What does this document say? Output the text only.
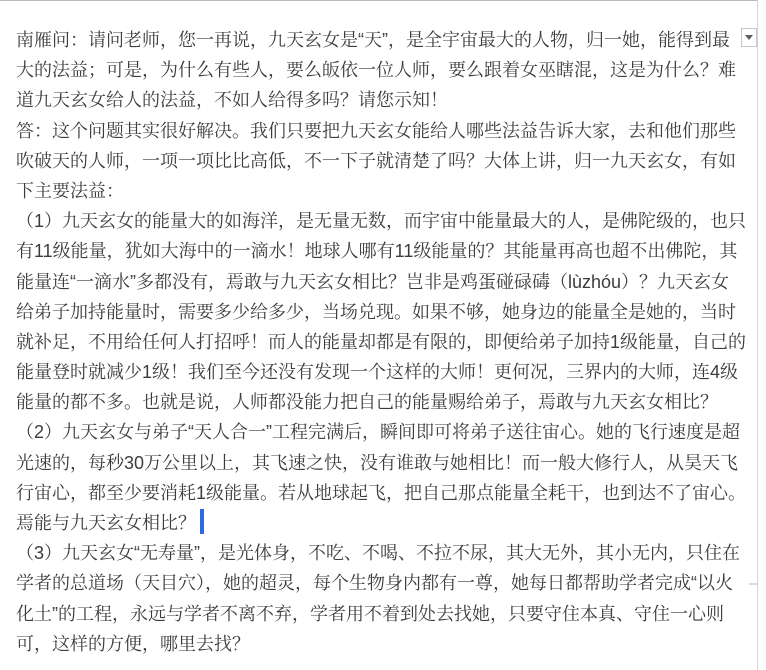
南雁问：请问老师，您一再说，九天玄女是“天”，是全宇宙最大的人物，归一她，能得到最
大的法益；可是，为什么有些人，要么皈依一位人师，要么跟着女巫瞎混，这是为什么？难
道九天玄女给人的法益，不如人给得多吗？请您示知！
答：这个问题其实很好解决。我们只要把九天玄女能给人哪些法益告诉大家，去和他们那些
吹破天的人师，一项一项比比高低，不一下子就清楚了吗？大体上讲，归一九天玄女，有如
下主要法益：
（1）九天玄女的能量大的如海洋，是无量无数，而宇宙中能量最大的人，是佛陀级的，也只
有11级能量，犹如大海中的一滴水！地球人哪有11级能量的？其能量再高也超不出佛陀，其
能量连“一滴水”多都没有，焉敢与九天玄女相比？岂非是鸡蛋碰碌碡（lùzhóu）？九天玄女
给弟子加持能量时，需要多少给多少，当场兑现。如果不够，她身边的能量全是她的，当时
就补足，不用给任何人打招呼！而人的能量却都是有限的，即便给弟子加持1级能量，自己的
能量登时就减少1级！我们至今还没有发现一个这样的大师！更何况，三界内的大师，连4级
能量的都不多。也就是说，人师都没能力把自己的能量赐给弟子，焉敢与九天玄女相比？
（2）九天玄女与弟子“天人合一”工程完满后，瞬间即可将弟子送往宙心。她的飞行速度是超
光速的，每秒30万公里以上，其飞速之快，没有谁敢与她相比！而一般大修行人，从昊天飞
行宙心，都至少要消耗1级能量。若从地球起飞，把自己那点能量全耗干，也到达不了宙心。
焉能与九天玄女相比？
（3）九天玄女“无寿量”，是光体身，不吃、不喝、不拉不尿，其大无外，其小无内，只住在
学者的总道场（天目穴），她的超灵，每个生物身内都有一尊，她每日都帮助学者完成“以火
化土”的工程，永远与学者不离不弃，学者用不着到处去找她，只要守住本真、守住一心则
可，这样的方便，哪里去找？
